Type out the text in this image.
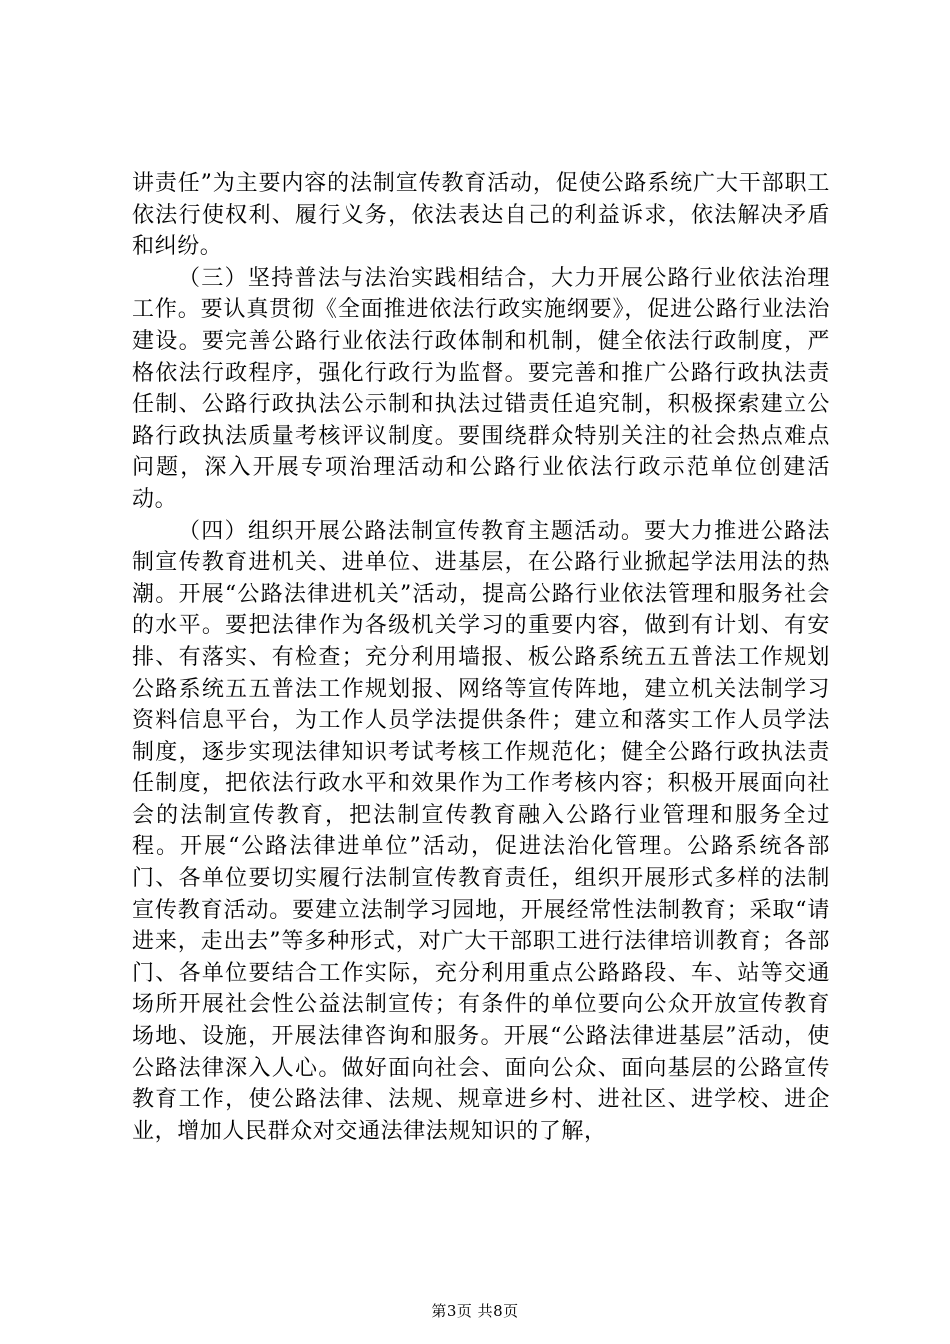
讲责任”为主要内容的法制宣传教育活动，促使公路系统广大干部职工依法行使权利、履行义务，依法表达自己的利益诉求，依法解决矛盾和纠纷。

（三）坚持普法与法治实践相结合，大力开展公路行业依法治理工作。要认真贯彻《全面推进依法行政实施纲要》，促进公路行业法治建设。要完善公路行业依法行政体制和机制，健全依法行政制度，严格依法行政程序，强化行政行为监督。要完善和推广公路行政执法责任制、公路行政执法公示制和执法过错责任追究制，积极探索建立公路行政执法质量考核评议制度。要围绕群众特别关注的社会热点难点问题，深入开展专项治理活动和公路行业依法行政示范单位创建活动。

（四）组织开展公路法制宣传教育主题活动。要大力推进公路法制宣传教育进机关、进单位、进基层，在公路行业掀起学法用法的热潮。开展“公路法律进机关”活动，提高公路行业依法管理和服务社会的水平。要把法律作为各级机关学习的重要内容，做到有计划、有安排、有落实、有检查；充分利用墙报、板公路系统五五普法工作规划公路系统五五普法工作规划报、网络等宣传阵地，建立机关法制学习资料信息平台，为工作人员学法提供条件；建立和落实工作人员学法制度，逐步实现法律知识考试考核工作规范化；健全公路行政执法责任制度，把依法行政水平和效果作为工作考核内容；积极开展面向社会的法制宣传教育，把法制宣传教育融入公路行业管理和服务全过程。开展“公路法律进单位”活动，促进法治化管理。公路系统各部门、各单位要切实履行法制宣传教育责任，组织开展形式多样的法制宣传教育活动。要建立法制学习园地，开展经常性法制教育；采取“请进来，走出去”等多种形式，对广大干部职工进行法律培训教育；各部门、各单位要结合工作实际，充分利用重点公路路段、车、站等交通场所开展社会性公益法制宣传；有条件的单位要向公众开放宣传教育场地、设施，开展法律咨询和服务。开展“公路法律进基层”活动，使公路法律深入人心。做好面向社会、面向公众、面向基层的公路宣传教育工作，使公路法律、法规、规章进乡村、进社区、进学校、进企业，增加人民群众对交通法律法规知识的了解，

第3页 共8页
